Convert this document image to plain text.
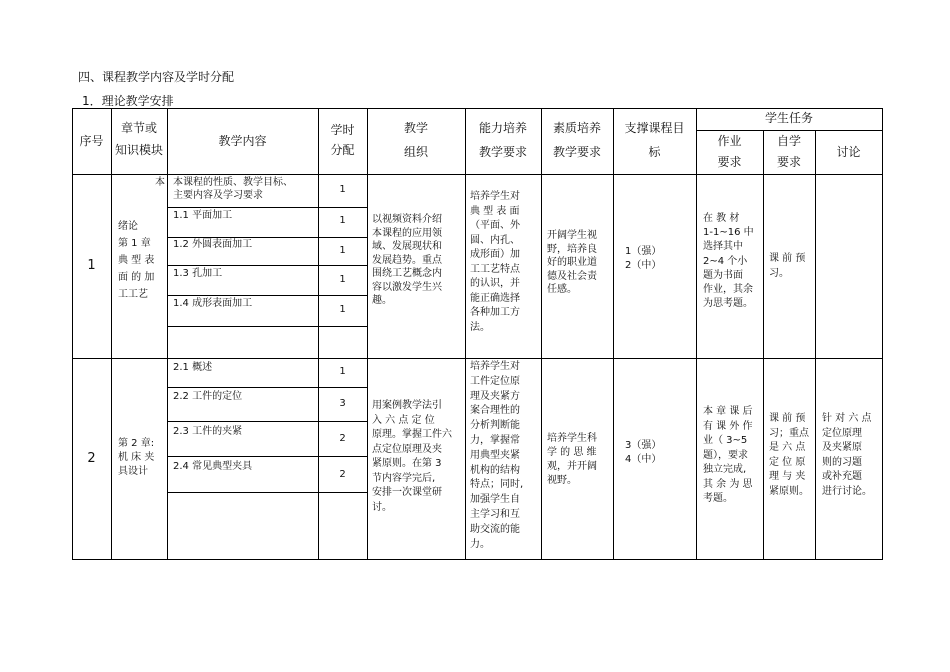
四、课程教学内容及学时分配
1．理论教学安排
序号
章节或
知识模块
教学内容
学时
分配
教学
组织
能力培养
教学要求
素质培养
教学要求
支撑课程目
标
学生任务
作业
要求
自学
要求
讨论
1
本
绪论
第 1 章
典 型 表
面 的 加
工工艺
本课程的性质、教学目标、
主要内容及学习要求
1
1.1 平面加工	1
1.2 外圆表面加工
1
1.3 孔加工
1
1.4 成形表面加工
1
以视频资料介绍
本课程的应用领
域、发展现状和
发展趋势。重点
围绕工艺概念内
容以激发学生兴
趣。
培养学生对
典 型 表 面
（平面、外
圆、内孔、
成形面）加
工工艺特点
的认识，并
能正确选择
各种加工方
法。
开阔学生视
野，培养良
好的职业道
德及社会责
任感。
1（强）
2（中）
在 教 材
1-1~16 中
选择其中
2~4 个小
题为书面
作业，其余
为思考题。
课 前 预
习。
2
第 2 章:
机 床 夹
具设计
2.1 概述	1
2.2 工件的定位
3
2.3 工件的夹紧
2
2.4 常见典型夹具
2
用案例教学法引
入 六 点 定 位
原理。掌握工件六
点定位原理及夹
紧原则。在第 3
节内容学完后,
安排一次课堂研
讨。
培养学生对
工件定位原
理及夹紧方
案合理性的
分析判断能
力，掌握常
用典型夹紧
机构的结构
特点；同时,
加强学生自
主学习和互
助交流的能
力。
培养学生科
学 的 思 维
观，并开阔
视野。
3（强）
4（中）
本 章 课 后
有 课 外 作
业（ 3~5
题），要求
独立完成,
其 余 为 思
考题。
课 前 预
习；重点
是 六 点
定 位 原
理 与 夹
紧原则。
针 对 六 点
定位原理
及夹紧原
则的习题
或补充题
进行讨论。
